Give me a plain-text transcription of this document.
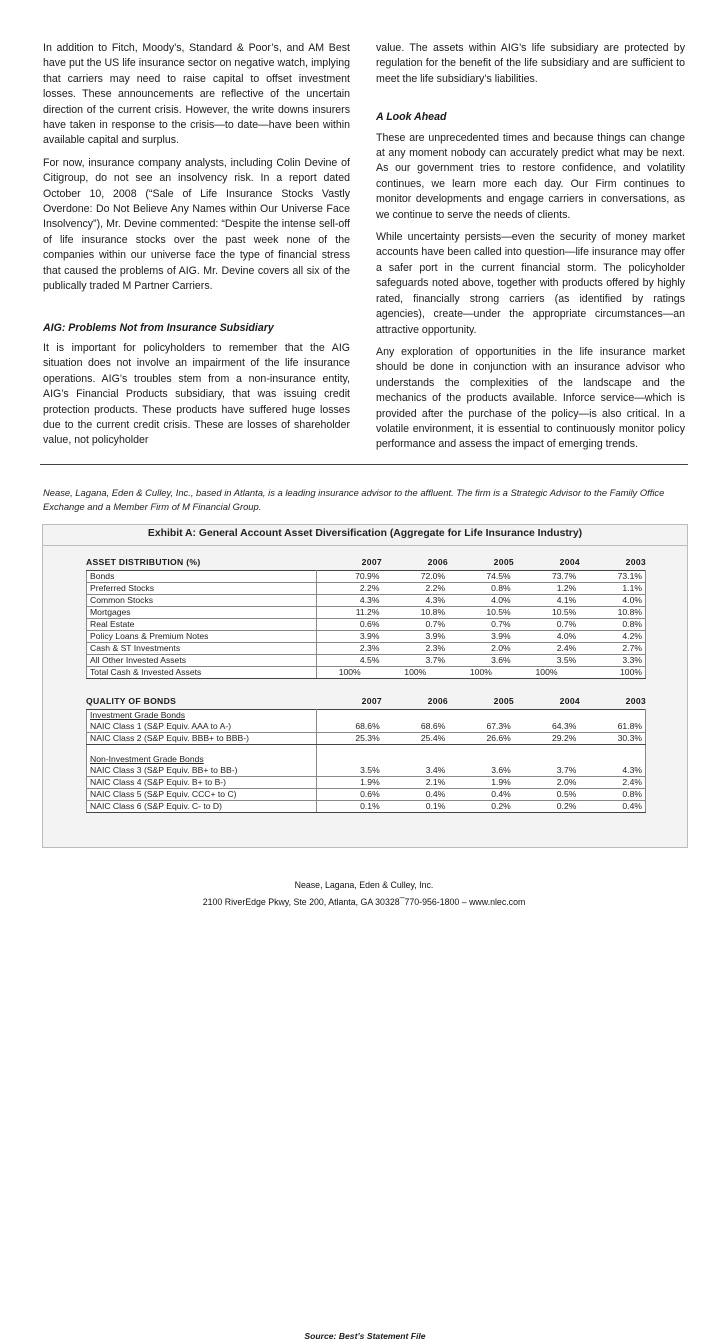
In addition to Fitch, Moody's, Standard & Poor’s, and AM Best have put the US life insurance sector on negative watch, implying that carriers may need to raise capital to offset investment losses. These announcements are reflective of the uncertain direction of the current crisis. However, the write downs insurers have taken in response to the crisis—to date—have been within available capital and surplus.

For now, insurance company analysts, including Colin Devine of Citigroup, do not see an insolvency risk. In a report dated October 10, 2008 (“Sale of Life Insurance Stocks Vastly Overdone: Do Not Believe Any Names within Our Universe Face Insolvency”), Mr. Devine commented: “Despite the intense sell-off of life insurance stocks over the past week none of the companies within our universe face the type of financial stress that caused the problems of AIG. Mr. Devine covers all six of the publically traded M Partner Carriers.

AIG: Problems Not from Insurance Subsidiary

It is important for policyholders to remember that the AIG situation does not involve an impairment of the life insurance operations. AIG’s troubles stem from a non-insurance entity, AIG’s Financial Products subsidiary, that was issuing credit protection products. These products have suffered huge losses due to the current credit crisis. These are losses of shareholder value, not policyholder

value. The assets within AIG’s life subsidiary are protected by regulation for the benefit of the life subsidiary and are sufficient to meet the life subsidiary’s liabilities.

A Look Ahead

These are unprecedented times and because things can change at any moment nobody can accurately predict what may be next. As our government tries to restore confidence, and volatility continues, we learn more each day. Our Firm continues to monitor developments and engage carriers in conversations, as we continue to serve the needs of clients.

While uncertainty persists—even the security of money market accounts have been called into question—life insurance may offer a safer port in the current financial storm. The policyholder safeguards noted above, together with products offered by highly rated, financially strong carriers (as identified by ratings agencies), create—under the appropriate circumstances—an attractive opportunity.

Any exploration of opportunities in the life insurance market should be done in conjunction with an insurance advisor who understands the complexities of the landscape and the mechanics of the products available. Inforce service—which is provided after the purchase of the policy—is also critical. In a volatile environment, it is essential to continuously monitor policy performance and assess the impact of emerging trends.

Nease, Lagana, Eden & Culley, Inc., based in Atlanta, is a leading insurance advisor to the affluent. The firm is a Strategic Advisor to the Family Office Exchange and a Member Firm of M Financial Group.
Exhibit A: General Account Asset Diversification (Aggregate for Life Insurance Industry)
ASSET DISTRIBUTION (%)	2007	2006	2005	2004	2003
Bonds	70.9%	72.0%	74.5%	73.7%	73.1%
Preferred Stocks	2.2%	2.2%	0.8%	1.2%	1.1%
Common Stocks	4.3%	4.3%	4.0%	4.1%	4.0%
Mortgages	11.2%	10.8%	10.5%	10.5%	10.8%
Real Estate	0.6%	0.7%	0.7%	0.7%	0.8%
Policy Loans & Premium Notes	3.9%	3.9%	3.9%	4.0%	4.2%
Cash & ST Investments	2.3%	2.3%	2.0%	2.4%	2.7%
All Other Invested Assets	4.5%	3.7%	3.6%	3.5%	3.3%
Total Cash & Invested Assets	100%	100%	100%	100%	100%
QUALITY OF BONDS	2007	2006	2005	2004	2003
Investment Grade Bonds					
NAIC Class 1 (S&P Equiv. AAA to A-)	68.6%	68.6%	67.3%	64.3%	61.8%
NAIC Class 2 (S&P Equiv. BBB+ to BBB-)	25.3%	25.4%	26.6%	29.2%	30.3%

Non-Investment Grade Bonds					
NAIC Class 3 (S&P Equiv. BB+ to BB-)	3.5%	3.4%	3.6%	3.7%	4.3%
NAIC Class 4 (S&P Equiv. B+ to B-)	1.9%	2.1%	1.9%	2.0%	2.4%
NAIC Class 5 (S&P Equiv. CCC+ to C)	0.6%	0.4%	0.4%	0.5%	0.8%
NAIC Class 6 (S&P Equiv. C- to D)	0.1%	0.1%	0.2%	0.2%	0.4%
Source: Best’s Statement File
Nease, Lagana, Eden & Culley, Inc.
2100 RiverEdge Pkwy, Ste 200, Atlanta, GA 30328 ̅ 770-956-1800 – www.nlec.com
